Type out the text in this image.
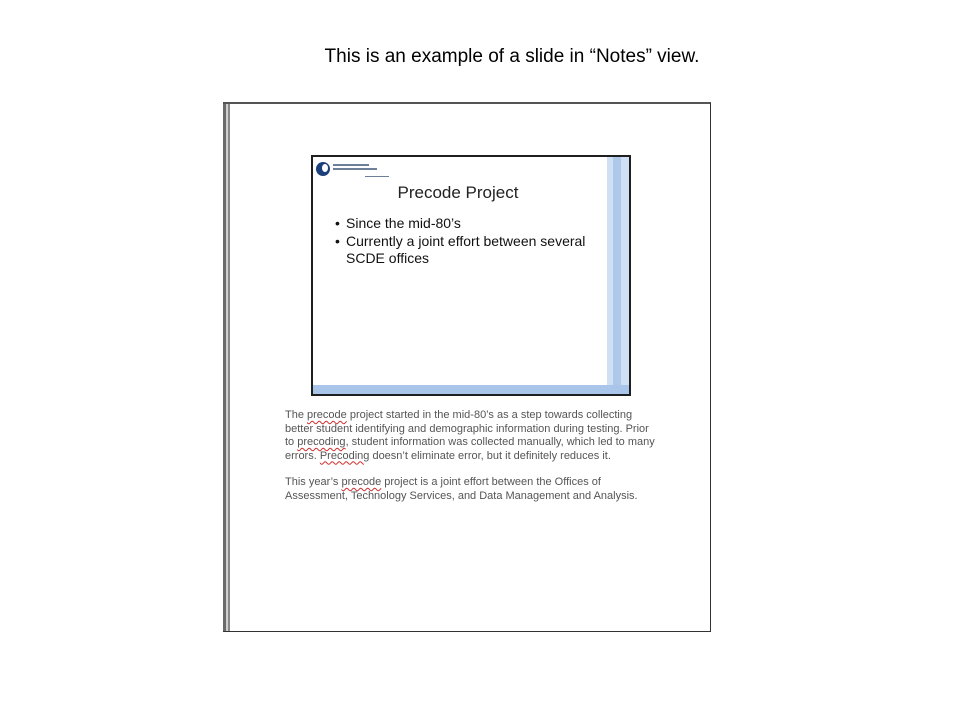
This is an example of a slide in “Notes” view.
Precode Project
• Since the mid-80’s
• Currently a joint effort between several SCDE offices

The precode project started in the mid-80’s as a step towards collecting better student identifying and demographic information during testing. Prior to precoding, student information was collected manually, which led to many errors. Precoding doesn’t eliminate error, but it definitely reduces it.

This year’s precode project is a joint effort between the Offices of Assessment, Technology Services, and Data Management and Analysis.
